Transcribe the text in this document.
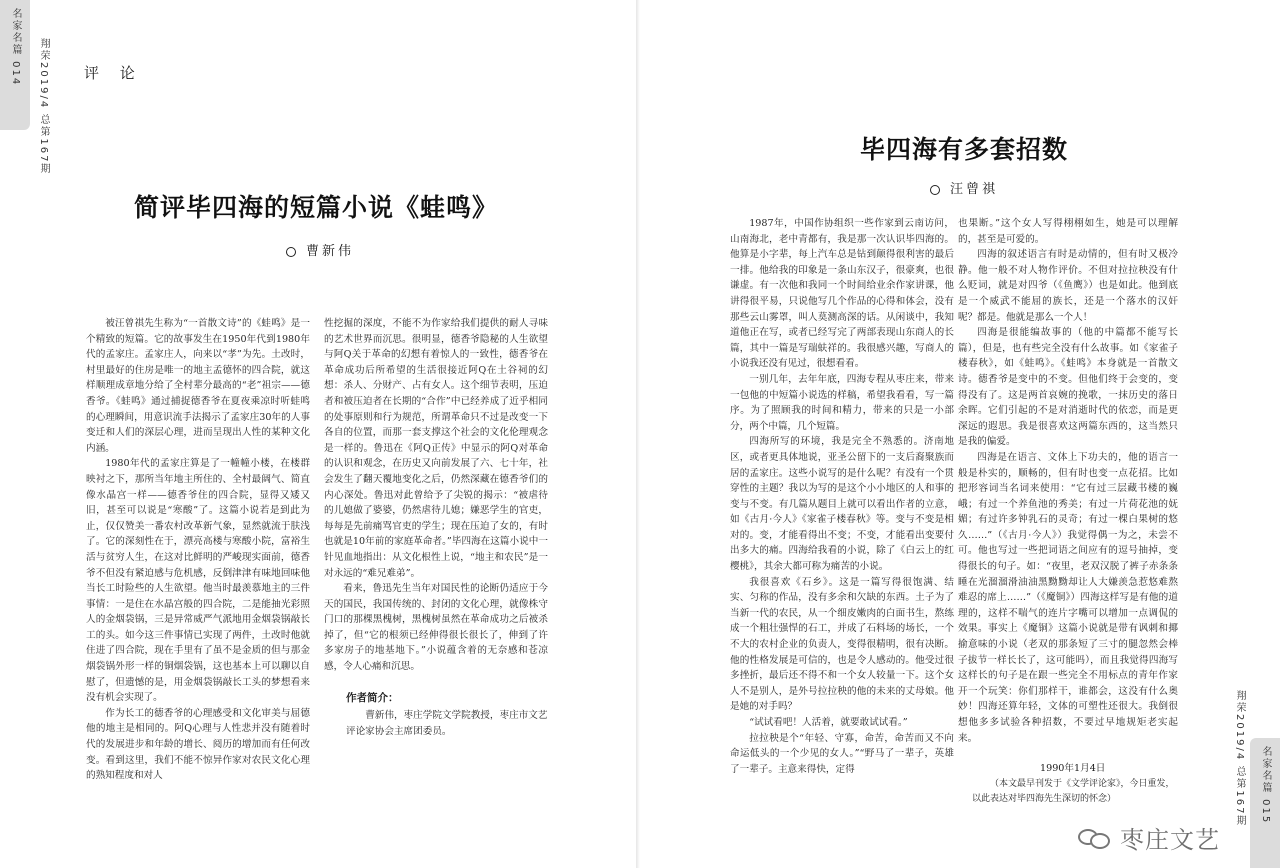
名家名篇 014 翔荣2019/4 总第167期 评 论
简评毕四海的短篇小说《蛙鸣》
曹新伟

被汪曾祺先生称为“一首散文诗”的《蛙鸣》是一个精致的短篇。它的故事发生在1950年代到1980年代的孟家庄。孟家庄人，向来以“孝”为先。土改时，村里最好的住房是唯一的地主孟德怀的四合院，就这样顺理成章地分给了全村辈分最高的“老”祖宗——德香爷。《蛙鸣》通过捕捉德香爷在夏夜乘凉时听蛙鸣的心理瞬间，用意识流手法揭示了孟家庄30年的人事变迁和人们的深层心理，进而呈现出人性的某种文化内涵。

1980年代的孟家庄算是了一幢幢小楼，在楼群映衬之下，那所当年地主所住的、全村最阔气、简直像水晶宫一样——德香爷住的四合院，显得又矮又旧，甚至可以说是“寒酸”了。这篇小说若是到此为止，仅仅赞美一番农村改革新气象，显然就流于肤浅了。它的深刻性在于，漂亮高楼与寒酸小院，富裕生活与贫穷人生，在这对比鲜明的严峻现实面前，德香爷不但没有紧迫感与危机感，反倒津津有味地回味他当长工时险些的人生欲望。他当时最羡慕地主的三件事情：一是住在水晶宫般的四合院，二是能抽光彩照人的金烟袋锅，三是异常威严气派地用金烟袋锅敲长工的头。如今这三件事情已实现了两件，土改时他就住进了四合院，现在手里有了虽不是金质的但与那金烟袋锅外形一样的铜烟袋锅，这也基本上可以聊以自慰了，但遗憾的是，用金烟袋锅敲长工头的梦想看来没有机会实现了。

作为长工的德香爷的心理感受和文化审美与屈德他的地主是相同的。阿Q心理与人性悲并没有随着时代的发展进步和年龄的增长、阅历的增加而有任何改变。看到这里，我们不能不惊异作家对农民文化心理的熟知程度和对人

性挖掘的深度，不能不为作家给我们提供的耐人寻味的艺术世界而沉思。很明显，德香爷隐秘的人生欲望与阿Q关于革命的幻想有着惊人的一致性，德香爷在革命成功后所希望的生活很接近阿Q在土谷祠的幻想：杀人、分财产、占有女人。这个细节表明，压迫者和被压迫者在长期的“合作”中已经养成了近乎相同的处事原则和行为规范，所谓革命只不过是改变一下各自的位置，而那一套支撑这个社会的文化伦理观念是一样的。鲁迅在《阿Q正传》中显示的阿Q对革命的认识和观念，在历史又向前发展了六、七十年，社会发生了翻天覆地变化之后，仍然深藏在德香爷们的内心深处。鲁迅对此曾给予了尖锐的揭示：“被虐待的儿媳做了婆婆，仍然虐待儿媳；嫌恶学生的官吏，每每是先前痛骂官吏的学生；现在压迫了女的，有时也就是10年前的家庭革命者。”毕四海在这篇小说中一针见血地指出：从文化根性上说，“地主和农民”是一对永远的“难兄难弟”。

看来，鲁迅先生当年对国民性的论断仍适应于今天的国民，我国传统的、封闭的文化心理，就像株守门口的那棵黑槐树，黑槐树虽然在革命成功之后被杀掉了，但“它的根须已经伸得很长很长了，伸到了许多家房子的地基地下。”小说蕴含着的无奈感和苍凉感，令人心痛和沉思。

作者简介：
曹新伟，枣庄学院文学院教授，枣庄市文艺评论家协会主席团委员。
名家名篇 015
翔荣2019/4 总第167期
毕四海有多套招数
汪曾祺

1987年，中国作协组织一些作家到云南访问，山南海北，老中青都有，我是那一次认识毕四海的。他算是小字辈，每上汽车总是钻到颠得很利害的最后一排。他给我的印象是一条山东汉子，很豪爽，也很谦虚。有一次他和我同一个时间给业余作家讲课，他讲得很平易，只说他写几个作品的心得和体会，没有那些云山雾罩，叫人莫测高深的话。从闲谈中，我知道他正在写，或者已经写完了两部表现山东商人的长篇，其中一篇是写瑞蚨祥的。我很感兴趣，写商人的小说我还没有见过，很想看看。

一别几年，去年年底，四海专程从枣庄来，带来一包他的中短篇小说选的样稿，希望我看看，写一篇序。为了照顾我的时间和精力，带来的只是一小部分，两个中篇，几个短篇。

四海所写的环境，我是完全不熟悉的。济南地区，或者更具体地说，亚圣公留下的一支后裔聚族而居的孟家庄。这些小说写的是什么呢？有没有一个贯穿性的主题？我以为写的是这个小小地区的人和事的变与不变。有几篇从题目上就可以看出作者的立意，如《古月·今人》《家雀子楼春秋》等。变与不变是相对的。变，才能看得出不变；不变，才能看出变要付出多大的痛。四海给我看的小说，除了《白云上的红樱桃》，其余大都可称为痛苦的小说。

我很喜欢《石乡》。这是一篇写得很饱满、结实、匀称的作品，没有多余和欠缺的东西。土子为了当新一代的农民，从一个细皮嫩肉的白面书生，熬练成一个粗壮强悍的石工，并成了石料场的场长，一个不大的农村企业的负责人，变得很精明，很有决断。他的性格发展是可信的，也是令人感动的。他受过很多挫折，最后还不得不和一个女人较量一下。这个女人不是别人，是外号拉拉秧的他的未来的丈母娘。他是她的对手吗？

“试试看吧！人活着，就要敢试试看。”

拉拉秧是个“年轻、守寡，命苦，命苦而又不向命运低头的一个少见的女人。”“野马了一辈子，英雄了一辈子。主意来得快，定得

也果断。”这个女人写得栩栩如生，她是可以理解的，甚至是可爱的。

四海的叙述语言有时是动情的，但有时又极冷静。他一般不对人物作评价。不但对拉拉秧没有什么贬词，就是对四爷（《鱼鹰》）也是如此。他到底是一个威武不能屈的族长，还是一个落水的汉奸呢？都是。他就是那么一个人！

四海是很能编故事的（他的中篇都不能写长篇），但是，也有些完全没有什么故事。如《家雀子楼春秋》，如《蛙鸣》。《蛙鸣》本身就是一首散文诗。德香爷是变中的不变。但他们终于会变的，变得没有了。这是两首哀婉的挽歌，一抹历史的落日余晖。它们引起的不是对消逝时代的依恋，而是更深远的遐思。我是很喜欢这两篇东西的，这当然只是我的偏爱。

四海是在语言、文体上下功夫的，他的语言一般是朴实的，顺畅的，但有时也变一点花招。比如把形容词当名词来使用：“它有过三层藏书楼的巍峨；有过一个养鱼池的秀美；有过一片荷花池的妩媚；有过许多钟乳石的灵奇；有过一棵白果树的悠久……”（《古月·今人》）我觉得偶一为之，未尝不可。他也写过一些把词语之间应有的逗号抽掉，变得很长的句子。如：“夜里，老双汉脱了裤子赤条条睡在光溜溜滑油油黑黝黝却让人大嫌羡急惹悠难熬难忍的席上……”（《魔铜》）四海这样写是有他的道理的，这样不喘气的连片字嘴可以增加一点调侃的效果。事实上《魔铜》这篇小说就是带有讽刺和揶揄意味的小说（老双的那条短了三寸的腿忽然会棒子拔节一样长长了，这可能吗），而且我觉得四海写这样长的句子是在跟一些完全不用标点的青年作家开一个玩笑：你们那样干，谁都会，这没有什么奥妙！四海还算年轻，文体的可塑性还很大。我倒很想他多多试验各种招数，不要过早地规矩老实起来。

1990年1月4日
（本文最早刊发于《文学评论家》，今日重发，以此表达对毕四海先生深切的怀念）
枣庄文艺
